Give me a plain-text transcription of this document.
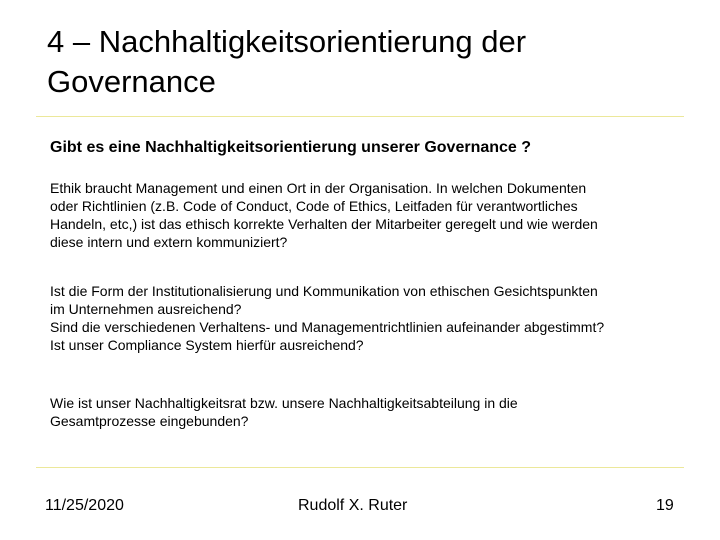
4 – Nachhaltigkeitsorientierung der
Governance

Gibt es eine Nachhaltigkeitsorientierung unserer Governance ?

Ethik braucht Management und einen Ort in der Organisation. In welchen Dokumenten
oder Richtlinien (z.B. Code of Conduct, Code of Ethics, Leitfaden für verantwortliches
Handeln, etc,) ist das ethisch korrekte Verhalten der Mitarbeiter geregelt und wie werden
diese intern und extern kommuniziert?

Ist die Form der Institutionalisierung und Kommunikation von ethischen Gesichtspunkten
im Unternehmen ausreichend?
Sind die verschiedenen Verhaltens- und Managementrichtlinien aufeinander abgestimmt?
Ist unser Compliance System hierfür ausreichend?

Wie ist unser Nachhaltigkeitsrat bzw. unsere Nachhaltigkeitsabteilung in die
Gesamtprozesse eingebunden?

11/25/2020	Rudolf X. Ruter	19
